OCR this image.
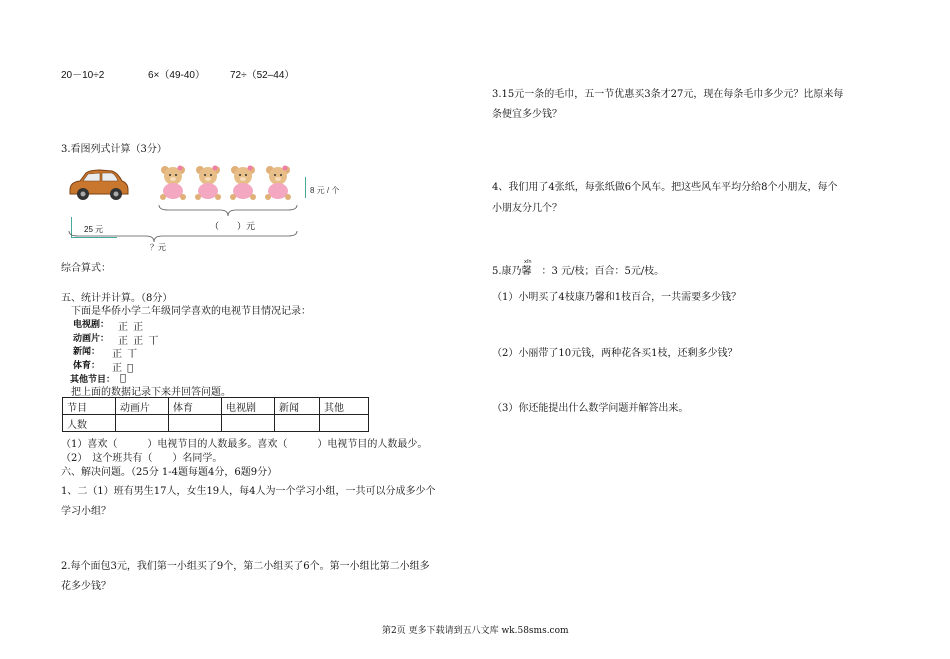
20－10÷2	6×（49-40）	72÷（52–44）
3.看图列式计算（3分）
8 元 / 个
（　　）元
25 元
？元
综合算式：
五、统计并计算。（8分）
下面是华侨小学二年级同学喜欢的电视节目情况记录：
电视剧： 正 正
动画片： 正 正 丅
新闻： 正 丅
体育： 正 𠀌
其他节目： 𠀌
把上面的数据记录下来并回答问题。
节目	动画片	体育	电视剧	新闻	其他
人数					
（1）喜欢（　　　）电视节目的人数最多。喜欢（　　　）电视节目的人数最少。
（2）　这个班共有（　　）名同学。
六、解决问题。（25分 1-4题每题4分，6题9分）
1、二（1）班有男生17人，女生19人，每4人为一个学习小组，一共可以分成多少个
学习小组？
2.每个面包3元，我们第一小组买了9个，第二小组买了6个。第一小组比第二小组多
花多少钱？
3.15元一条的毛巾，五一节优惠买3条才27元，现在每条毛巾多少元？比原来每
条便宜多少钱？
4、我们用了4张纸，每张纸做6个风车。把这些风车平均分给8个小朋友，每个
小朋友分几个？
xīn
5.康乃馨　：3 元/枝；百合：5元/枝。
（1）小明买了4枝康乃馨和1枝百合，一共需要多少钱？
（2）小丽带了10元钱，两种花各买1枝，还剩多少钱？
（3）你还能提出什么数学问题并解答出来。
第2页 更多下载请到五八文库 wk.58sms.com
